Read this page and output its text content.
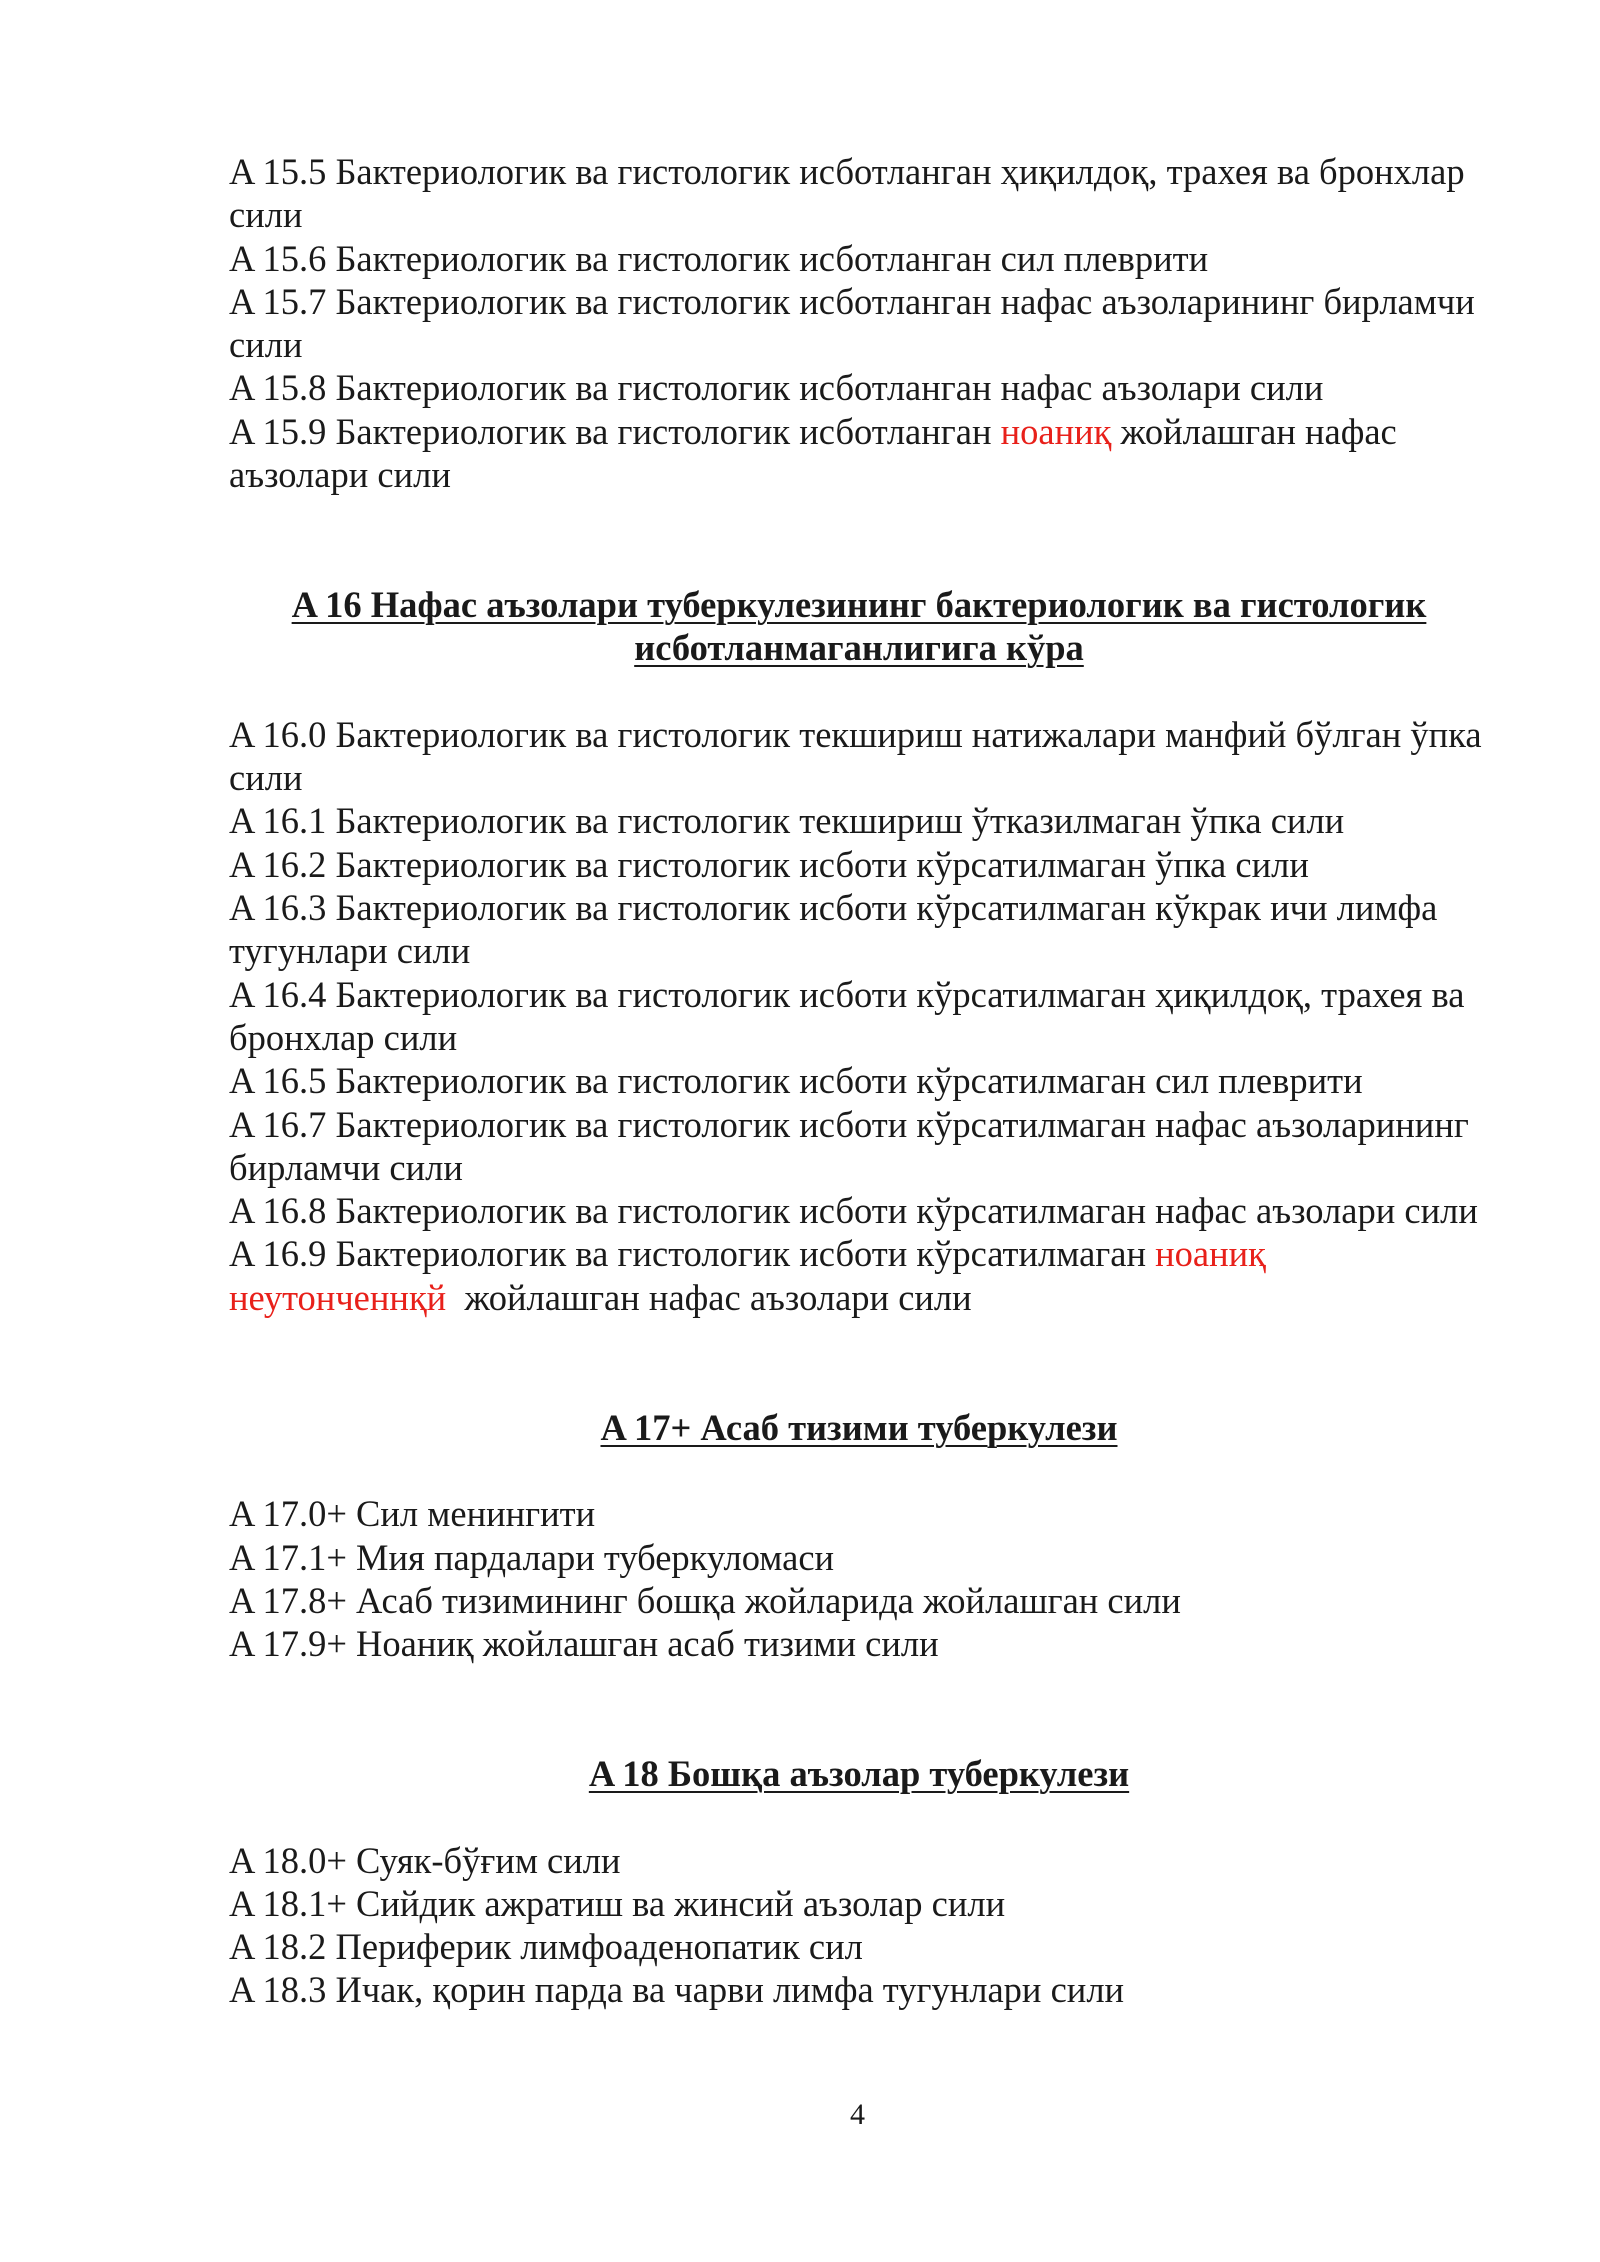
A 15.5 Бактериологик ва гистологик исботланган ҳиқилдоқ, трахея ва бронхлар сили

A 15.6 Бактериологик ва гистологик исботланган сил плеврити

A 15.7 Бактериологик ва гистологик исботланган нафас аъзоларининг бирламчи сили

A 15.8 Бактериологик ва гистологик исботланган нафас аъзолари сили

A 15.9 Бактериологик ва гистологик исботланган ноаниқ жойлашган нафас аъзолари сили

A 16 Нафас аъзолари туберкулезининг бактериологик ва гистологик исботланмаганлигига кўра

A 16.0 Бактериологик ва гистологик текшириш натижалари манфий бўлган ўпка сили

A 16.1 Бактериологик ва гистологик текшириш ўтказилмаган ўпка сили

A 16.2 Бактериологик ва гистологик исботи кўрсатилмаган ўпка сили

A 16.3 Бактериологик ва гистологик исботи кўрсатилмаган кўкрак ичи лимфа тугунлари сили

A 16.4 Бактериологик ва гистологик исботи кўрсатилмаган ҳиқилдоқ, трахея ва бронхлар сили

A 16.5 Бактериологик ва гистологик исботи кўрсатилмаган сил плеврити

A 16.7 Бактериологик ва гистологик исботи кўрсатилмаган нафас аъзоларининг бирламчи сили

A 16.8 Бактериологик ва гистологик исботи кўрсатилмаган нафас аъзолари сили

A 16.9 Бактериологик ва гистологик исботи кўрсатилмаган ноаниқ неутонченнқй  жойлашган нафас аъзолари сили

A 17+ Асаб тизими туберкулези

A 17.0+ Сил менингити

A 17.1+ Мия пардалари туберкуломаси

A 17.8+ Асаб тизимининг бошқа жойларида жойлашган сили

A 17.9+ Ноаниқ жойлашган асаб тизими сили

A 18 Бошқа аъзолар туберкулези

A 18.0+ Суяк-бўғим сили

A 18.1+ Сийдик ажратиш ва жинсий аъзолар сили

A 18.2 Периферик лимфоаденопатик сил

A 18.3 Ичак, қорин парда ва чарви лимфа тугунлари сили

4
